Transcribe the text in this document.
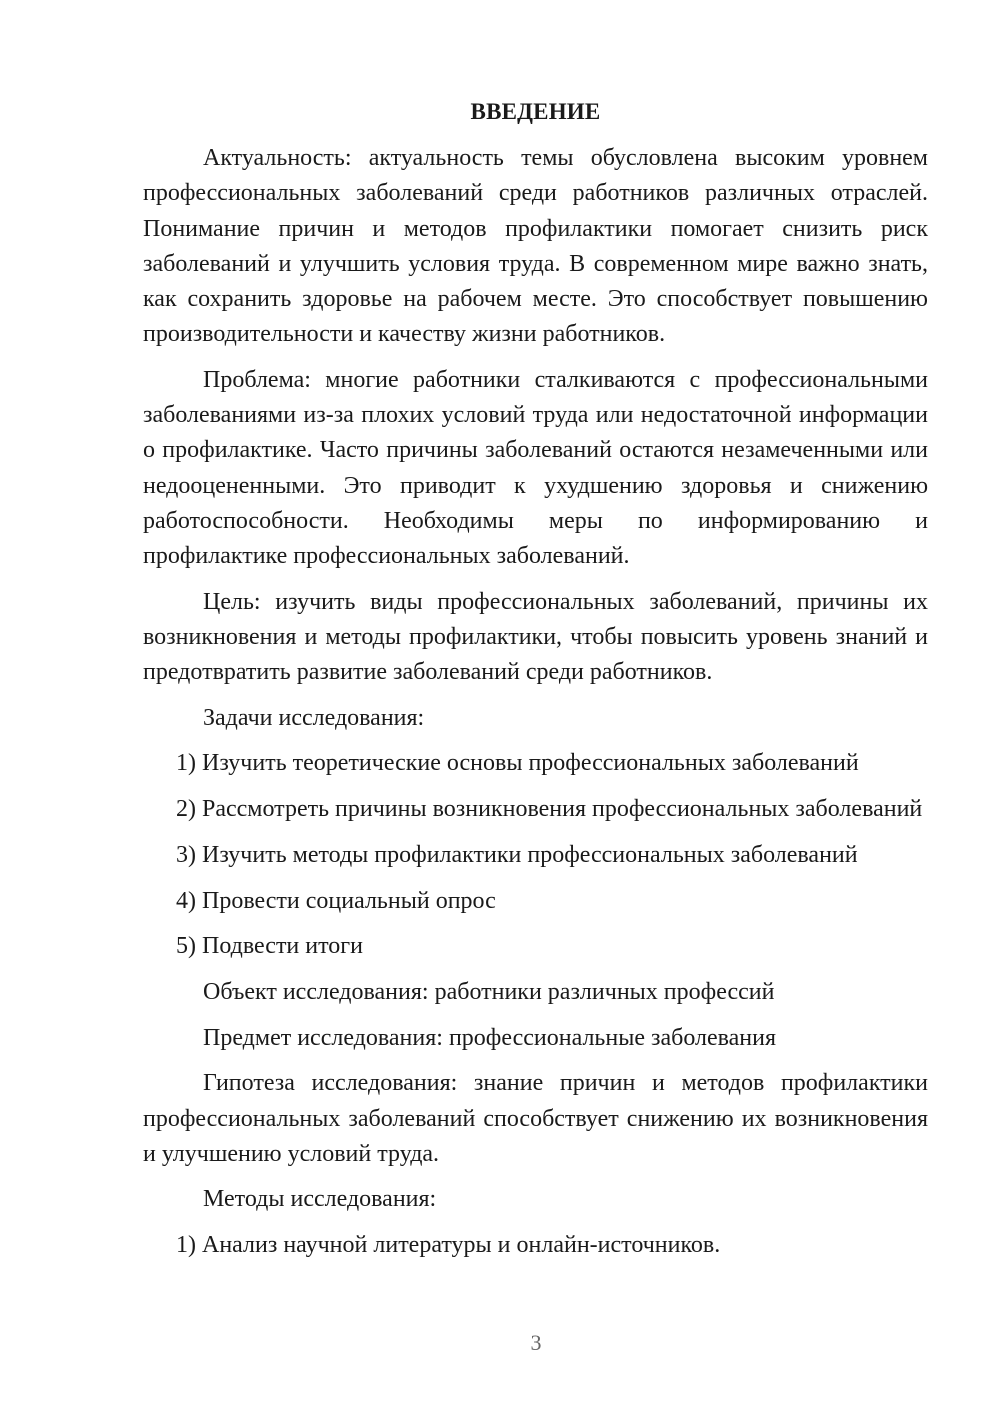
ВВЕДЕНИЕ

Актуальность: актуальность темы обусловлена высоким уровнем профессиональных заболеваний среди работников различных отраслей. Понимание причин и методов профилактики помогает снизить риск заболеваний и улучшить условия труда. В современном мире важно знать, как сохранить здоровье на рабочем месте. Это способствует повышению производительности и качеству жизни работников.

Проблема: многие работники сталкиваются с профессиональными заболеваниями из-за плохих условий труда или недостаточной информации о профилактике. Часто причины заболеваний остаются незамеченными или недооцененными. Это приводит к ухудшению здоровья и снижению работоспособности. Необходимы меры по информированию и профилактике профессиональных заболеваний.

Цель: изучить виды профессиональных заболеваний, причины их возникновения и методы профилактики, чтобы повысить уровень знаний и предотвратить развитие заболеваний среди работников.

Задачи исследования:

1) Изучить теоретические основы профессиональных заболеваний

2) Рассмотреть причины возникновения профессиональных заболеваний

3) Изучить методы профилактики профессиональных заболеваний

4) Провести социальный опрос

5) Подвести итоги

Объект исследования: работники различных профессий

Предмет исследования: профессиональные заболевания

Гипотеза исследования: знание причин и методов профилактики профессиональных заболеваний способствует снижению их возникновения и улучшению условий труда.

Методы исследования:

1) Анализ научной литературы и онлайн-источников.

3
